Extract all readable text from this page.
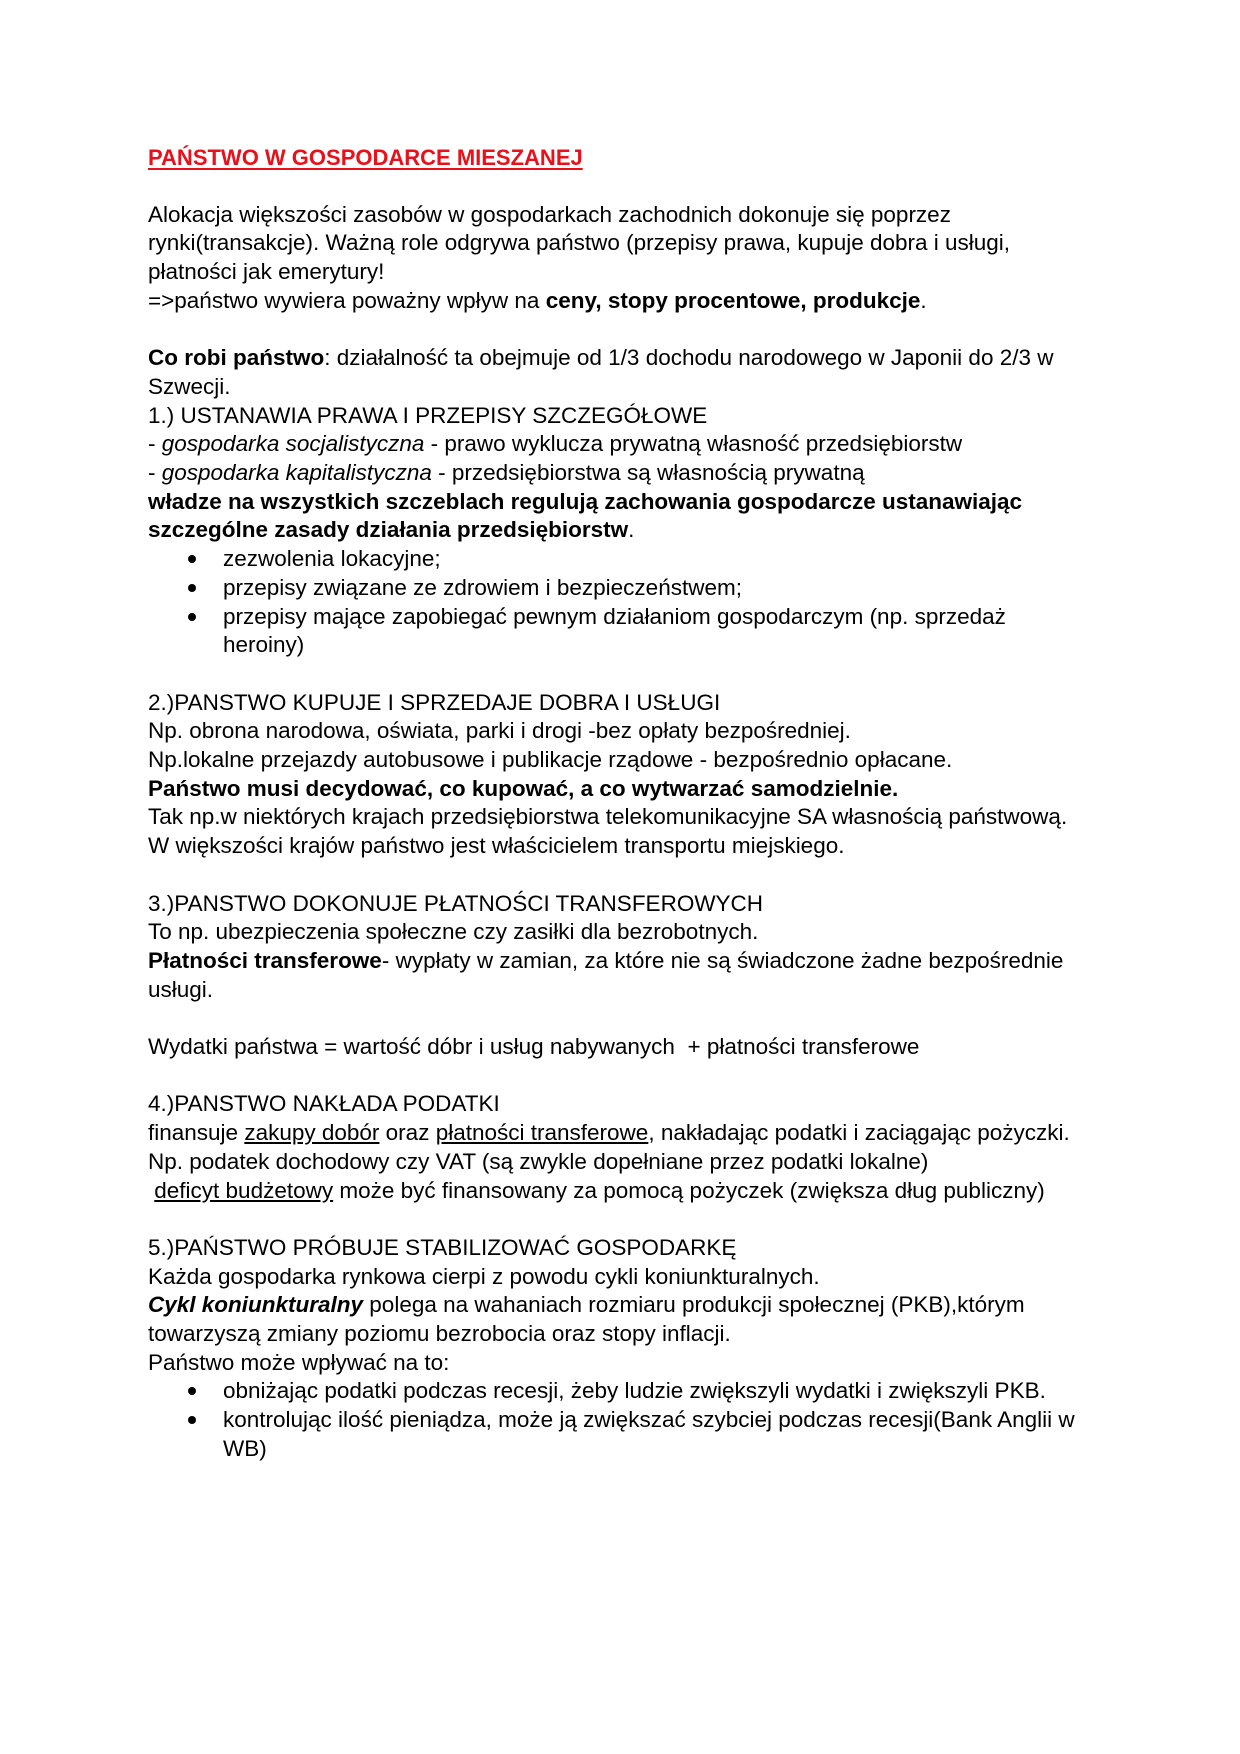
PAŃSTWO W GOSPODARCE MIESZANEJ

Alokacja większości zasobów w gospodarkach zachodnich dokonuje się poprzez rynki(transakcje). Ważną role odgrywa państwo (przepisy prawa, kupuje dobra i usługi, płatności jak emerytury!

=>państwo wywiera poważny wpływ na ceny, stopy procentowe, produkcje.

Co robi państwo: działalność ta obejmuje od 1/3 dochodu narodowego w Japonii do 2/3 w Szwecji.

1.) USTANAWIA PRAWA I PRZEPISY SZCZEGÓŁOWE

- gospodarka socjalistyczna - prawo wyklucza prywatną własność przedsiębiorstw

- gospodarka kapitalistyczna - przedsiębiorstwa są własnością prywatną

władze na wszystkich szczeblach regulują zachowania gospodarcze ustanawiając szczególne zasady działania przedsiębiorstw.

zezwolenia lokacyjne;
przepisy związane ze zdrowiem i bezpieczeństwem;
przepisy mające zapobiegać pewnym działaniom gospodarczym (np. sprzedaż heroiny)

2.)PANSTWO KUPUJE I SPRZEDAJE DOBRA I USŁUGI

Np. obrona narodowa, oświata, parki i drogi -bez opłaty bezpośredniej.

Np.lokalne przejazdy autobusowe i publikacje rządowe - bezpośrednio opłacane.

Państwo musi decydować, co kupować, a co wytwarzać samodzielnie.

Tak np.w niektórych krajach przedsiębiorstwa telekomunikacyjne SA własnością państwową. W większości krajów państwo jest właścicielem transportu miejskiego.

3.)PANSTWO DOKONUJE PŁATNOŚCI TRANSFEROWYCH

To np. ubezpieczenia społeczne czy zasiłki dla bezrobotnych.

Płatności transferowe- wypłaty w zamian, za które nie są świadczone żadne bezpośrednie usługi.

Wydatki państwa = wartość dóbr i usług nabywanych  + płatności transferowe

4.)PANSTWO NAKŁADA PODATKI

finansuje zakupy dobór oraz płatności transferowe, nakładając podatki i zaciągając pożyczki.

Np. podatek dochodowy czy VAT (są zwykle dopełniane przez podatki lokalne)

deficyt budżetowy może być finansowany za pomocą pożyczek (zwiększa dług publiczny)

5.)PAŃSTWO PRÓBUJE STABILIZOWAĆ GOSPODARKĘ

Każda gospodarka rynkowa cierpi z powodu cykli koniunkturalnych.

Cykl koniunkturalny polega na wahaniach rozmiaru produkcji społecznej (PKB),którym towarzyszą zmiany poziomu bezrobocia oraz stopy inflacji.

Państwo może wpływać na to:

obniżając podatki podczas recesji, żeby ludzie zwiększyli wydatki i zwiększyli PKB.
kontrolując ilość pieniądza, może ją zwiększać szybciej podczas recesji(Bank Anglii w WB)
